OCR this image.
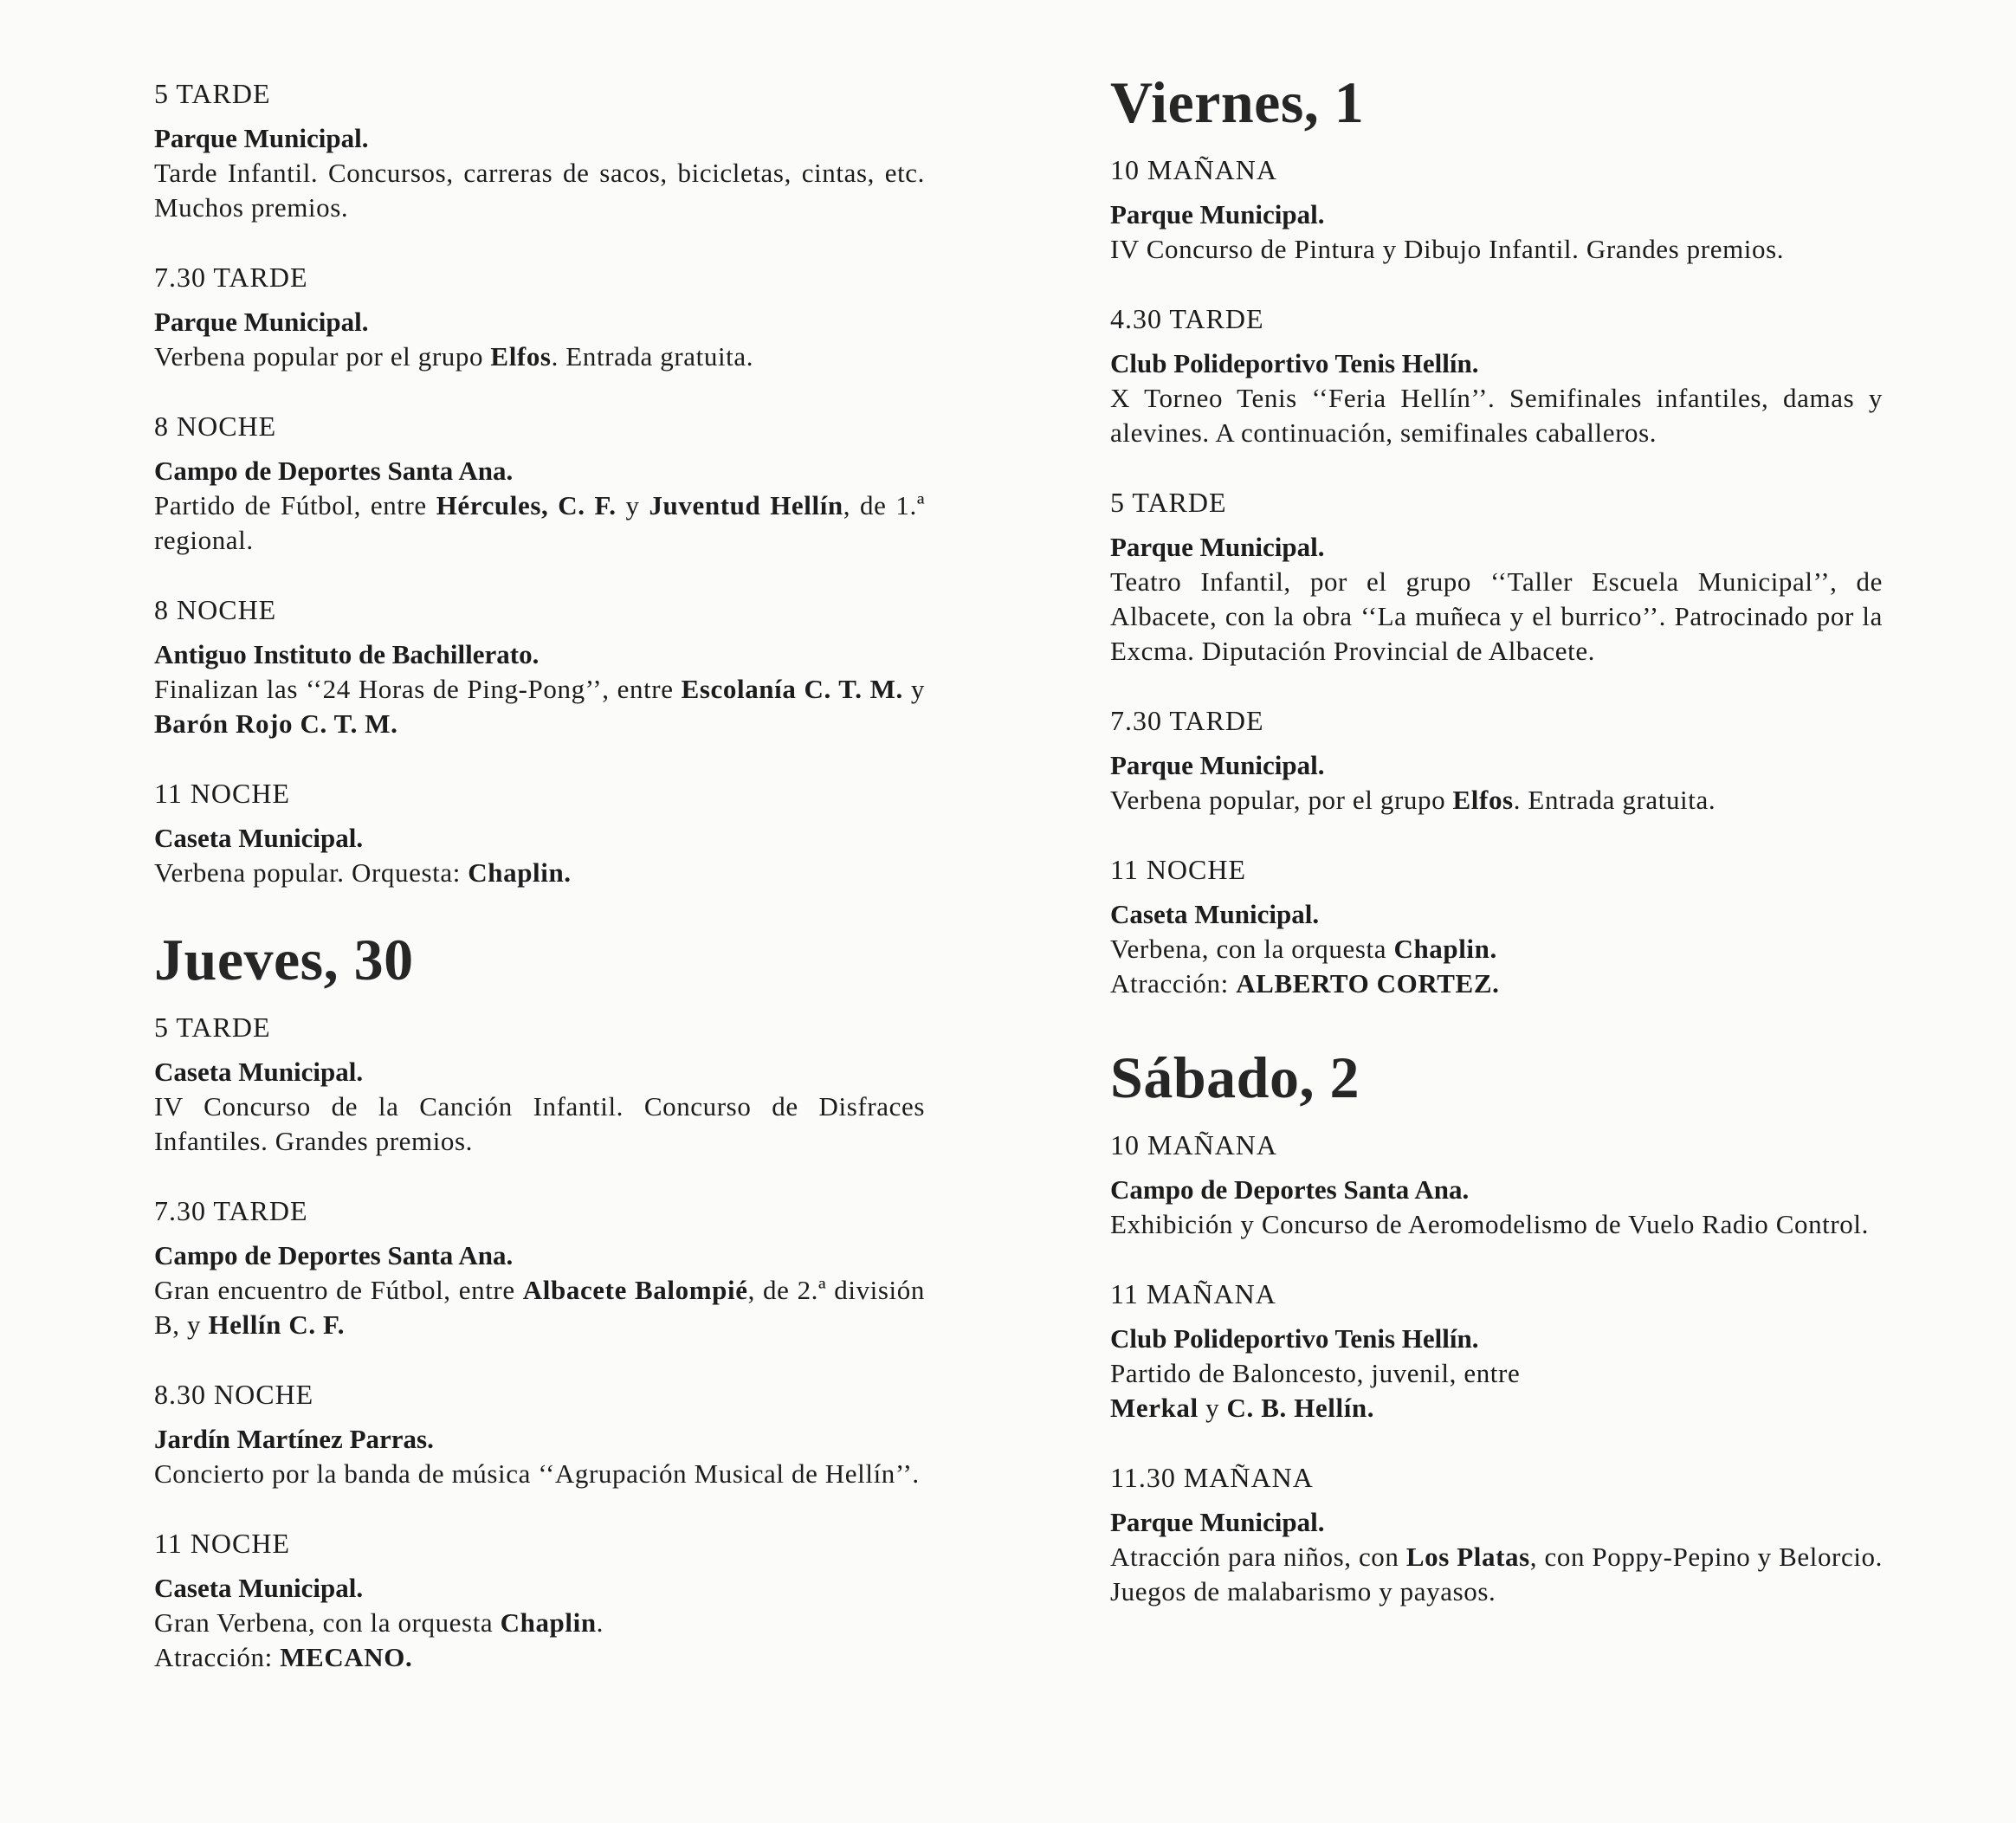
5 TARDE
Parque Municipal.
Tarde Infantil. Concursos, carreras de sacos, bicicletas, cintas, etc. Muchos premios.
7.30 TARDE
Parque Municipal.
Verbena popular por el grupo Elfos. Entrada gratuita.
8 NOCHE
Campo de Deportes Santa Ana.
Partido de Fútbol, entre Hércules, C. F. y Juventud Hellín, de 1.ª regional.
8 NOCHE
Antiguo Instituto de Bachillerato.
Finalizan las ‘‘24 Horas de Ping-Pong’’, entre Escolanía C. T. M. y Barón Rojo C. T. M.
11 NOCHE
Caseta Municipal.
Verbena popular. Orquesta: Chaplin.
Jueves, 30
5 TARDE
Caseta Municipal.
IV Concurso de la Canción Infantil. Concurso de Disfraces Infantiles. Grandes premios.
7.30 TARDE
Campo de Deportes Santa Ana.
Gran encuentro de Fútbol, entre Albacete Balompié, de 2.ª división B, y Hellín C. F.
8.30 NOCHE
Jardín Martínez Parras.
Concierto por la banda de música ‘‘Agrupación Musical de Hellín’’.
11 NOCHE
Caseta Municipal.
Gran Verbena, con la orquesta Chaplin.
Atracción: MECANO.
Viernes, 1
10 MAÑANA
Parque Municipal.
IV Concurso de Pintura y Dibujo Infantil. Grandes premios.
4.30 TARDE
Club Polideportivo Tenis Hellín.
X Torneo Tenis ‘‘Feria Hellín’’. Semifinales infantiles, damas y alevines. A continuación, semifinales caballeros.
5 TARDE
Parque Municipal.
Teatro Infantil, por el grupo ‘‘Taller Escuela Municipal’’, de Albacete, con la obra ‘‘La muñeca y el burrico’’. Patrocinado por la Excma. Diputación Provincial de Albacete.
7.30 TARDE
Parque Municipal.
Verbena popular, por el grupo Elfos. Entrada gratuita.
11 NOCHE
Caseta Municipal.
Verbena, con la orquesta Chaplin.
Atracción: ALBERTO CORTEZ.
Sábado, 2
10 MAÑANA
Campo de Deportes Santa Ana.
Exhibición y Concurso de Aeromodelismo de Vuelo Radio Control.
11 MAÑANA
Club Polideportivo Tenis Hellín.
Partido de Baloncesto, juvenil, entre
Merkal y C. B. Hellín.
11.30 MAÑANA
Parque Municipal.
Atracción para niños, con Los Platas, con Poppy-Pepino y Belorcio. Juegos de malabarismo y payasos.
